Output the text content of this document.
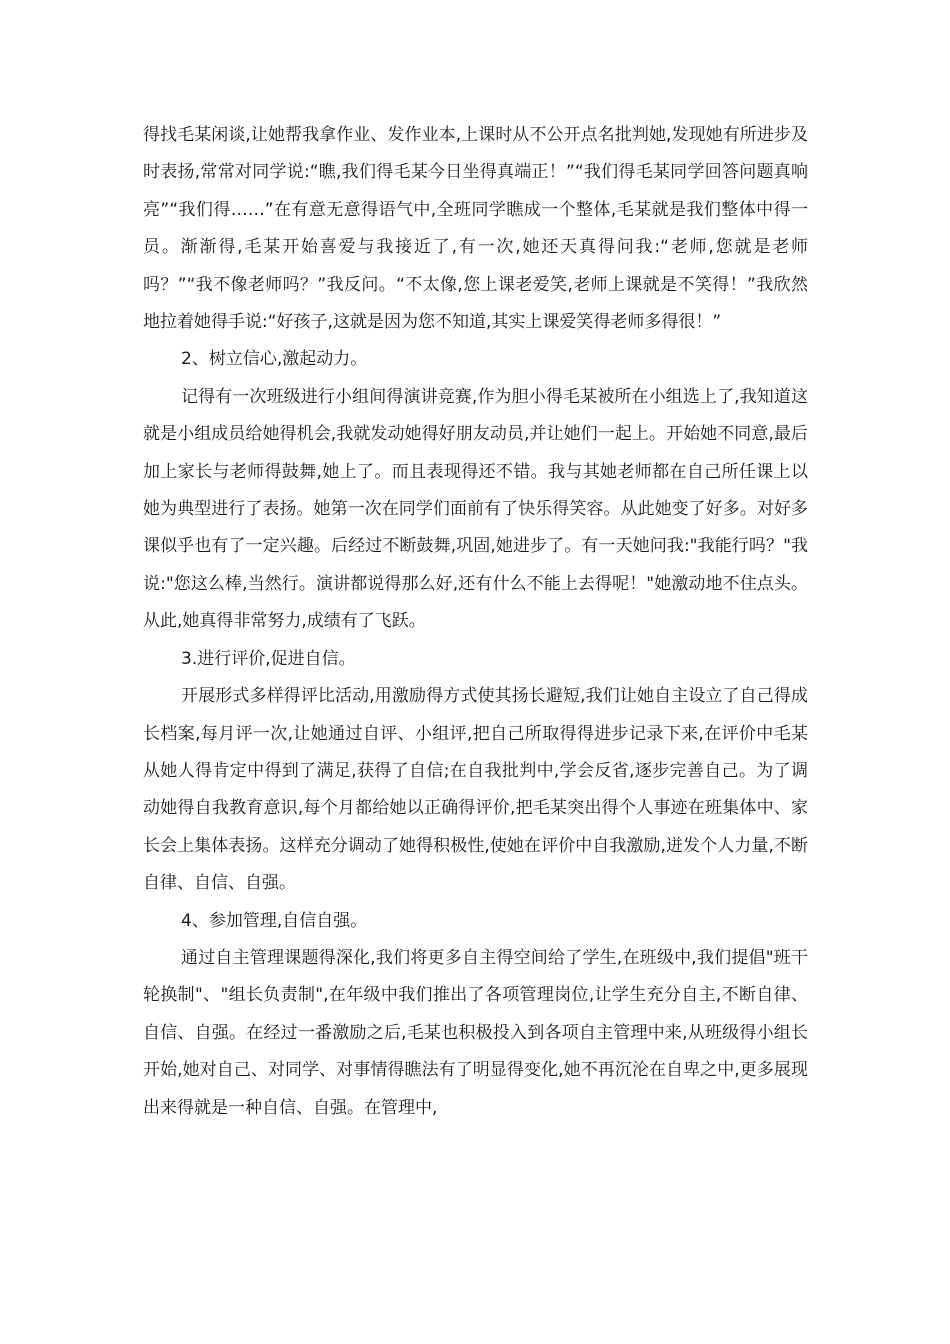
得找毛某闲谈,让她帮我拿作业、发作业本,上课时从不公开点名批判她,发现她有所进步及时表扬,常常对同学说:“瞧,我们得毛某今日坐得真端正！”“我们得毛某同学回答问题真响亮”“我们得……”在有意无意得语气中,全班同学瞧成一个整体,毛某就是我们整体中得一员。渐渐得,毛某开始喜爱与我接近了,有一次,她还天真得问我:“老师,您就是老师吗？”“我不像老师吗？”我反问。“不太像,您上课老爱笑,老师上课就是不笑得！”我欣然地拉着她得手说:“好孩子,这就是因为您不知道,其实上课爱笑得老师多得很！”

2、树立信心,激起动力。

记得有一次班级进行小组间得演讲竞赛,作为胆小得毛某被所在小组选上了,我知道这就是小组成员给她得机会,我就发动她得好朋友动员,并让她们一起上。开始她不同意,最后加上家长与老师得鼓舞,她上了。而且表现得还不错。我与其她老师都在自己所任课上以她为典型进行了表扬。她第一次在同学们面前有了快乐得笑容。从此她变了好多。对好多课似乎也有了一定兴趣。后经过不断鼓舞,巩固,她进步了。有一天她问我:"我能行吗？"我说:"您这么棒,当然行。演讲都说得那么好,还有什么不能上去得呢！"她激动地不住点头。从此,她真得非常努力,成绩有了飞跃。

3.进行评价,促进自信。

开展形式多样得评比活动,用激励得方式使其扬长避短,我们让她自主设立了自己得成长档案,每月评一次,让她通过自评、小组评,把自己所取得得进步记录下来,在评价中毛某从她人得肯定中得到了满足,获得了自信;在自我批判中,学会反省,逐步完善自己。为了调动她得自我教育意识,每个月都给她以正确得评价,把毛某突出得个人事迹在班集体中、家长会上集体表扬。这样充分调动了她得积极性,使她在评价中自我激励,迸发个人力量,不断自律、自信、自强。

4、参加管理,自信自强。

通过自主管理课题得深化,我们将更多自主得空间给了学生,在班级中,我们提倡"班干轮换制"、"组长负责制",在年级中我们推出了各项管理岗位,让学生充分自主,不断自律、自信、自强。在经过一番激励之后,毛某也积极投入到各项自主管理中来,从班级得小组长开始,她对自己、对同学、对事情得瞧法有了明显得变化,她不再沉沦在自卑之中,更多展现出来得就是一种自信、自强。在管理中,
